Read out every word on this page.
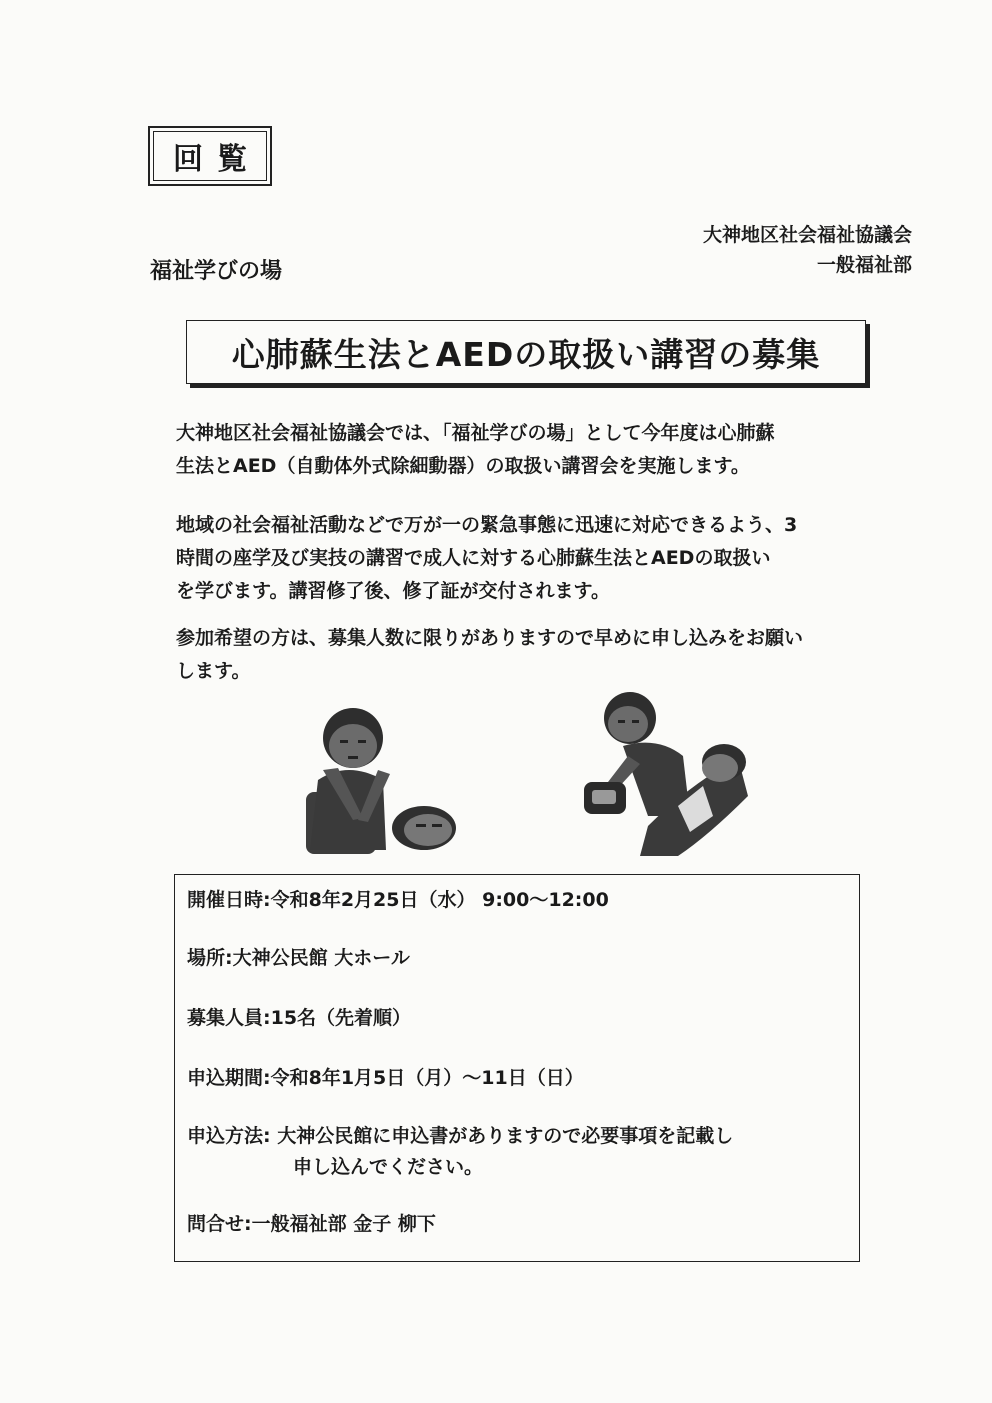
回覧
大神地区社会福祉協議会
一般福祉部
福祉学びの場
心肺蘇生法とAEDの取扱い講習の募集

大神地区社会福祉協議会では、「福祉学びの場」として今年度は心肺蘇
生法とAED（自動体外式除細動器）の取扱い講習会を実施します。

地域の社会福祉活動などで万が一の緊急事態に迅速に対応できるよう、3
時間の座学及び実技の講習で成人に対する心肺蘇生法とAEDの取扱い
を学びます。講習修了後、修了証が交付されます。

参加希望の方は、募集人数に限りがありますので早めに申し込みをお願い
します。

開催日時:令和8年2月25日（水） 9:00～12:00
場所:大神公民館 大ホール
募集人員:15名（先着順）
申込期間:令和8年1月5日（月）～11日（日）
申込方法: 大神公民館に申込書がありますので必要事項を記載し
申し込んでください。
問合せ:一般福祉部 金子 柳下
